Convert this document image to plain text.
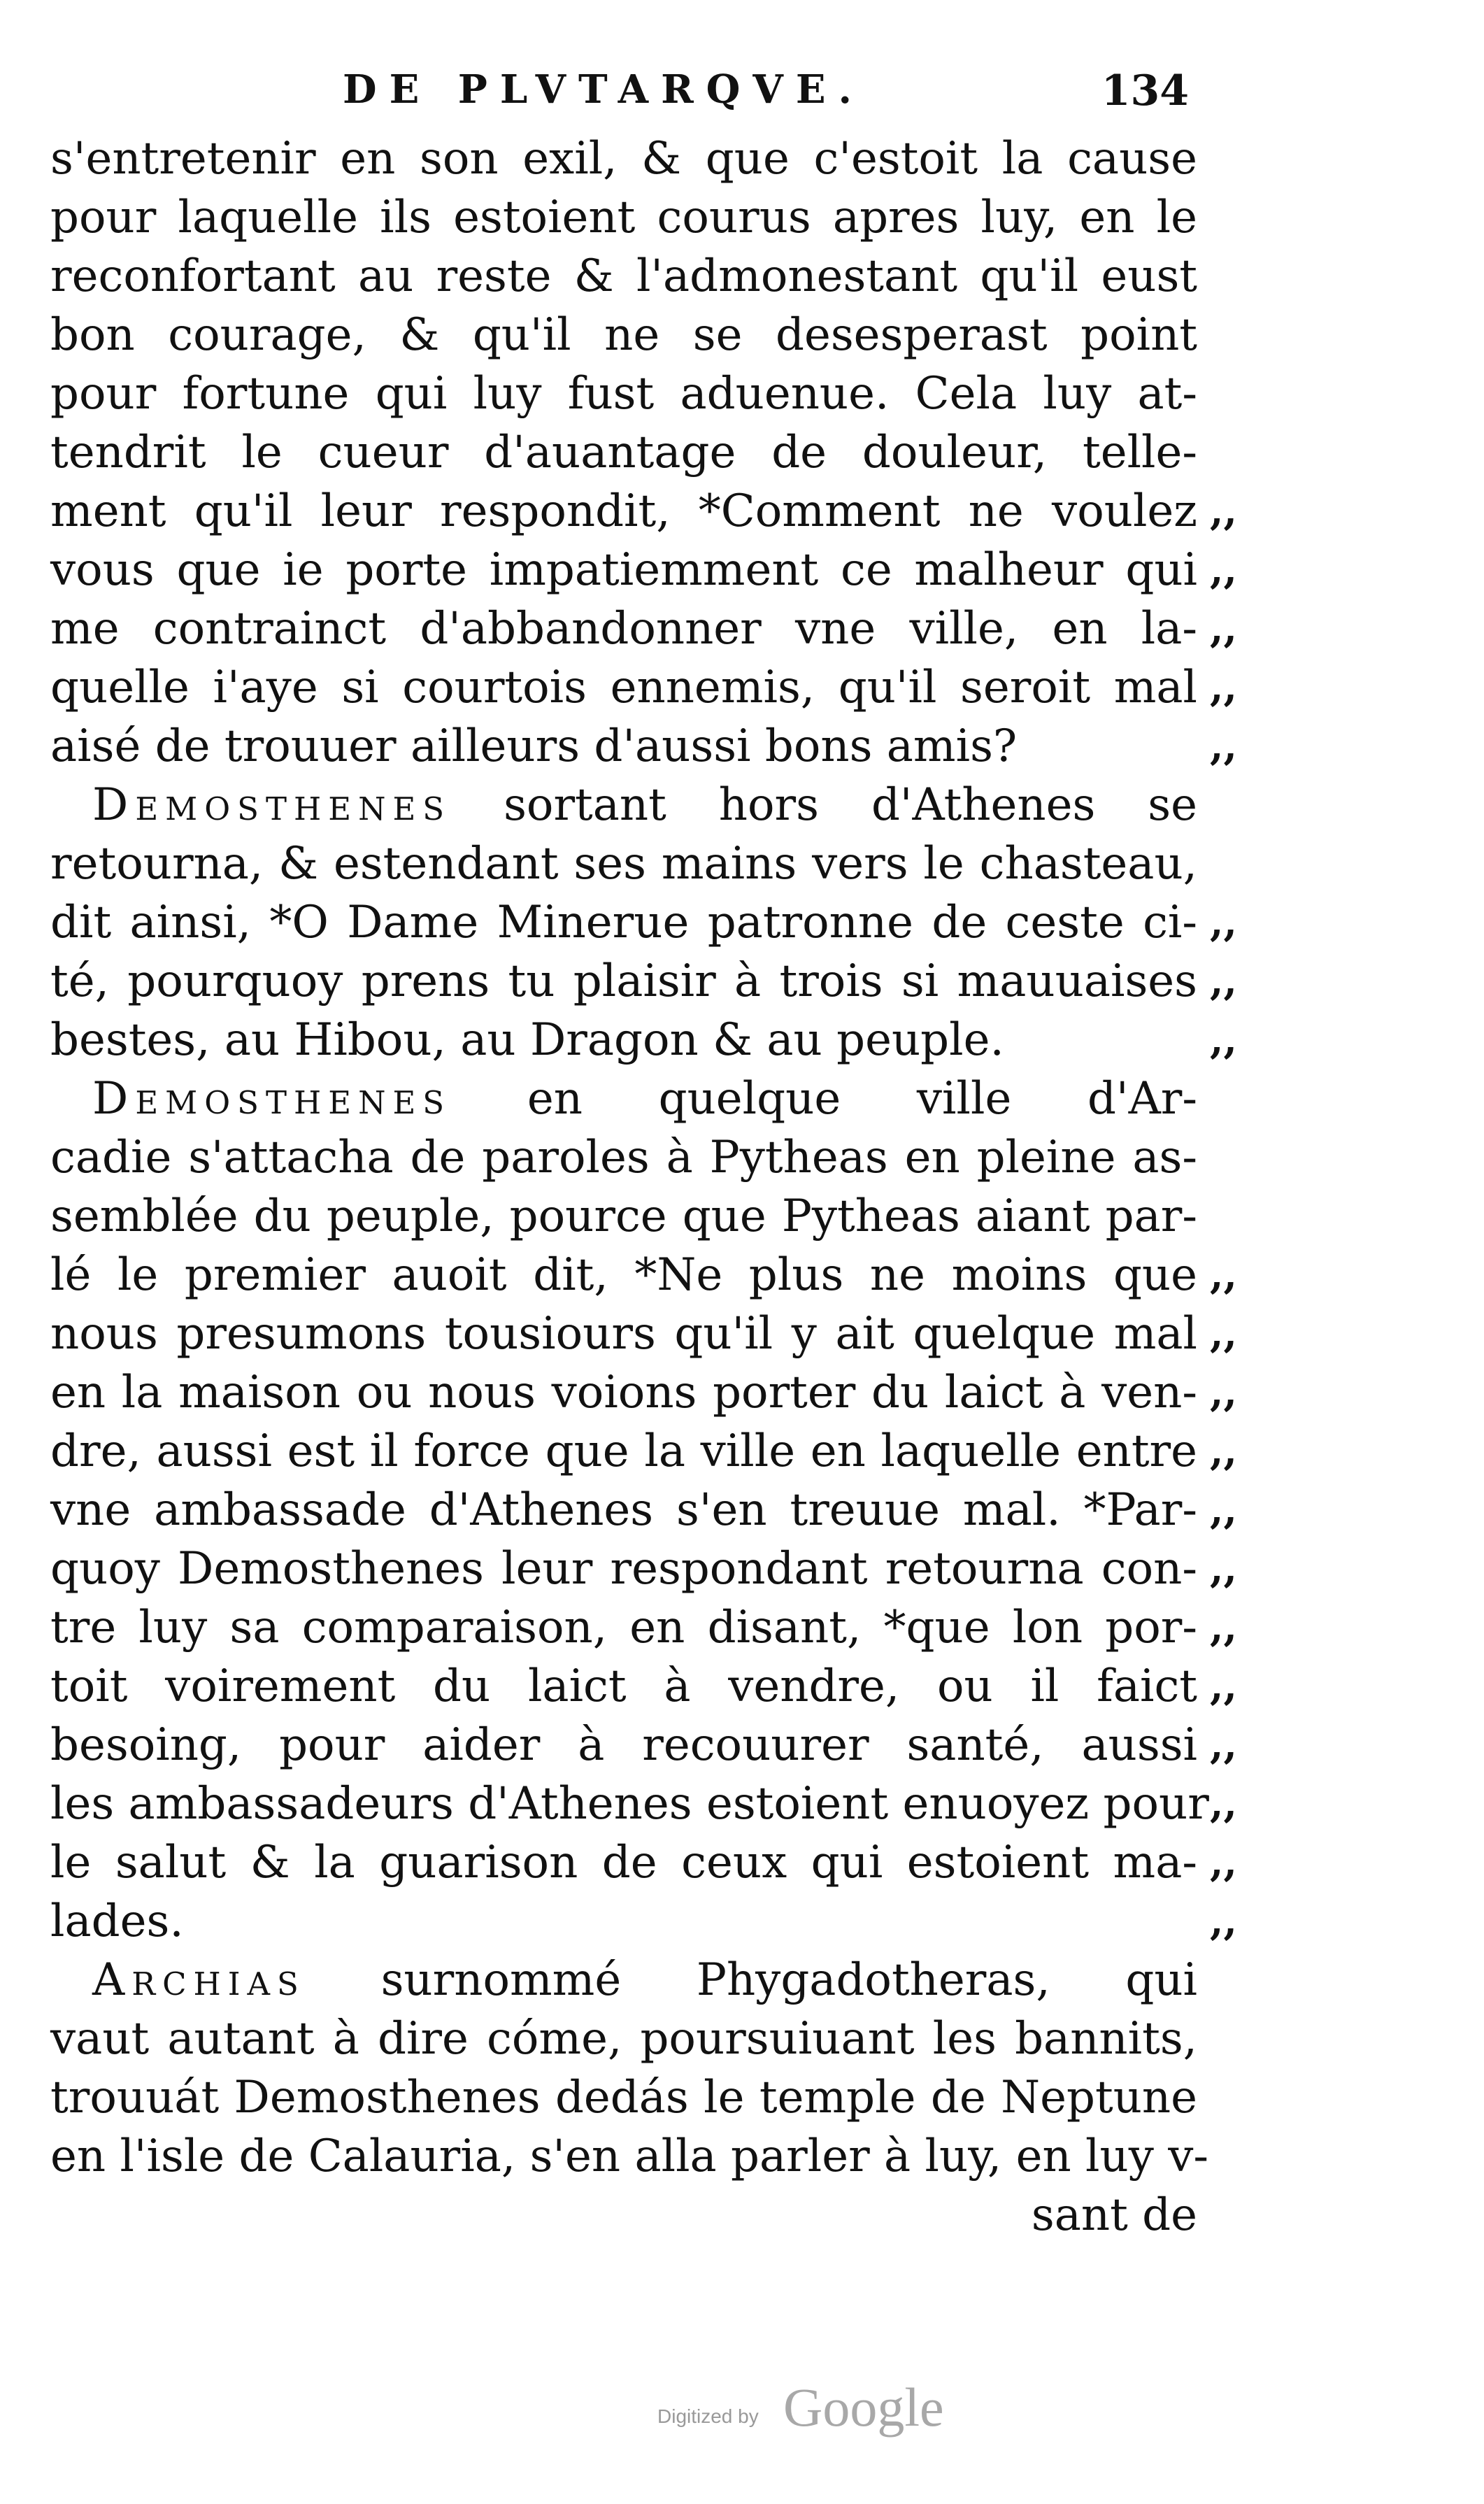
DE PLVTARQVE.	134
s'entretenir en son exil, & que c'estoit la cause
pour laquelle ils estoient courus apres luy, en le
reconfortant au reste & l'admonestant qu'il eust
bon courage, & qu'il ne se desesperast point
pour fortune qui luy fust aduenue. Cela luy at-
tendrit le cueur d'auantage de douleur, telle-
ment qu'il leur respondit, *Comment ne voulez
vous que ie porte impatiemment ce malheur qui
me contrainct d'abbandonner vne ville, en la-
quelle i'aye si courtois ennemis, qu'il seroit mal
aisé de trouuer ailleurs d'aussi bons amis?
Demosthenes sortant hors d'Athenes se
retourna, & estendant ses mains vers le chasteau,
dit ainsi, *O Dame Minerue patronne de ceste ci-
té, pourquoy prens tu plaisir à trois si mauuaises
bestes, au Hibou, au Dragon & au peuple.
Demosthenes en quelque ville d'Ar-
cadie s'attacha de paroles à Pytheas en pleine as-
semblée du peuple, pource que Pytheas aiant par-
lé le premier auoit dit, *Ne plus ne moins que
nous presumons tousiours qu'il y ait quelque mal
en la maison ou nous voions porter du laict à ven-
dre, aussi est il force que la ville en laquelle entre
vne ambassade d'Athenes s'en treuue mal. *Par-
quoy Demosthenes leur respondant retourna con-
tre luy sa comparaison, en disant, *que lon por-
toit voirement du laict à vendre, ou il faict
besoing, pour aider à recouurer santé, aussi
les ambassadeurs d'Athenes estoient enuoyez pour
le salut & la guarison de ceux qui estoient ma-
lades.
Archias surnommé Phygadotheras, qui
vaut autant à dire cóme, poursuiuant les bannits,
trouuát Demosthenes dedás le temple de Neptune
en l'isle de Calauria, s'en alla parler à luy, en luy v-
sant de
,,
,,
,,
,,
,,
,,
,,
,,
,,
,,
,,
,,
,,
,,
,,
,,
,,
,,
,,
,,
Digitized by Google
